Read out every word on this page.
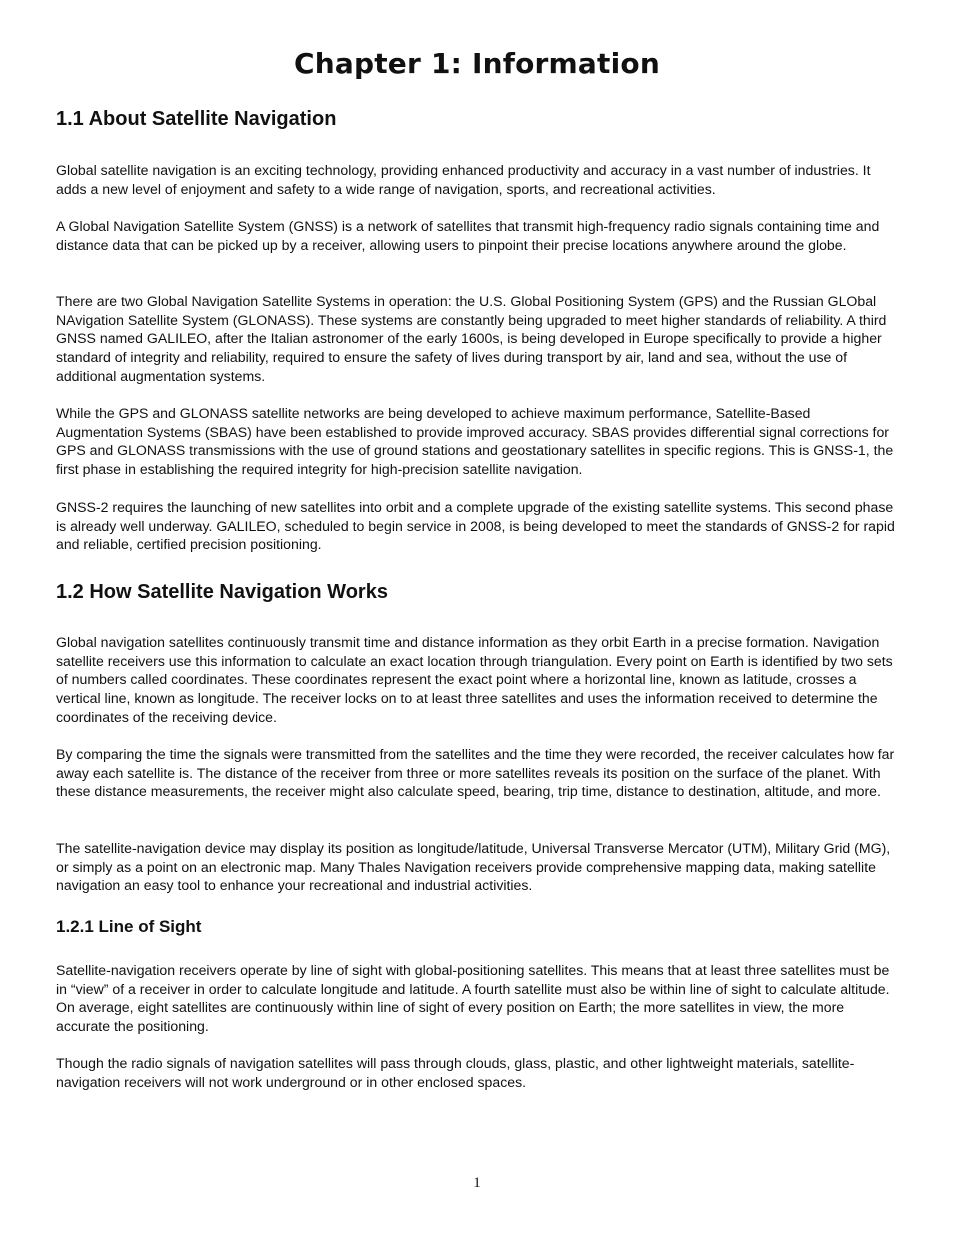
Chapter 1: Information
1.1 About Satellite Navigation

Global satellite navigation is an exciting technology, providing enhanced productivity and accuracy in a vast number of industries. It adds a new level of enjoyment and safety to a wide range of navigation, sports, and recreational activities.

A Global Navigation Satellite System (GNSS) is a network of satellites that transmit high-frequency radio signals containing time and distance data that can be picked up by a receiver, allowing users to pinpoint their precise locations anywhere around the globe.

There are two Global Navigation Satellite Systems in operation: the U.S. Global Positioning System (GPS) and the Russian GLObal NAvigation Satellite System (GLONASS). These systems are constantly being upgraded to meet higher standards of reliability. A third GNSS named GALILEO, after the Italian astronomer of the early 1600s, is being developed in Europe specifically to provide a higher standard of integrity and reliability, required to ensure the safety of lives during transport by air, land and sea, without the use of additional augmentation systems.

While the GPS and GLONASS satellite networks are being developed to achieve maximum performance, Satellite-Based Augmentation Systems (SBAS) have been established to provide improved accuracy. SBAS provides differential signal corrections for GPS and GLONASS transmissions with the use of ground stations and geostationary satellites in specific regions. This is GNSS-1, the first phase in establishing the required integrity for high-precision satellite navigation.

GNSS-2 requires the launching of new satellites into orbit and a complete upgrade of the existing satellite systems. This second phase is already well underway. GALILEO, scheduled to begin service in 2008, is being developed to meet the standards of GNSS-2 for rapid and reliable, certified precision positioning.

1.2 How Satellite Navigation Works

Global navigation satellites continuously transmit time and distance information as they orbit Earth in a precise formation. Navigation satellite receivers use this information to calculate an exact location through triangulation. Every point on Earth is identified by two sets of numbers called coordinates. These coordinates represent the exact point where a horizontal line, known as latitude, crosses a vertical line, known as longitude. The receiver locks on to at least three satellites and uses the information received to determine the coordinates of the receiving device.

By comparing the time the signals were transmitted from the satellites and the time they were recorded, the receiver calculates how far away each satellite is. The distance of the receiver from three or more satellites reveals its position on the surface of the planet. With these distance measurements, the receiver might also calculate speed, bearing, trip time, distance to destination, altitude, and more.

The satellite-navigation device may display its position as longitude/latitude, Universal Transverse Mercator (UTM), Military Grid (MG), or simply as a point on an electronic map. Many Thales Navigation receivers provide comprehensive mapping data, making satellite navigation an easy tool to enhance your recreational and industrial activities.

1.2.1 Line of Sight

Satellite-navigation receivers operate by line of sight with global-positioning satellites. This means that at least three satellites must be in “view” of a receiver in order to calculate longitude and latitude. A fourth satellite must also be within line of sight to calculate altitude. On average, eight satellites are continuously within line of sight of every position on Earth; the more satellites in view, the more accurate the positioning.

Though the radio signals of navigation satellites will pass through clouds, glass, plastic, and other lightweight materials, satellite-navigation receivers will not work underground or in other enclosed spaces.

1
